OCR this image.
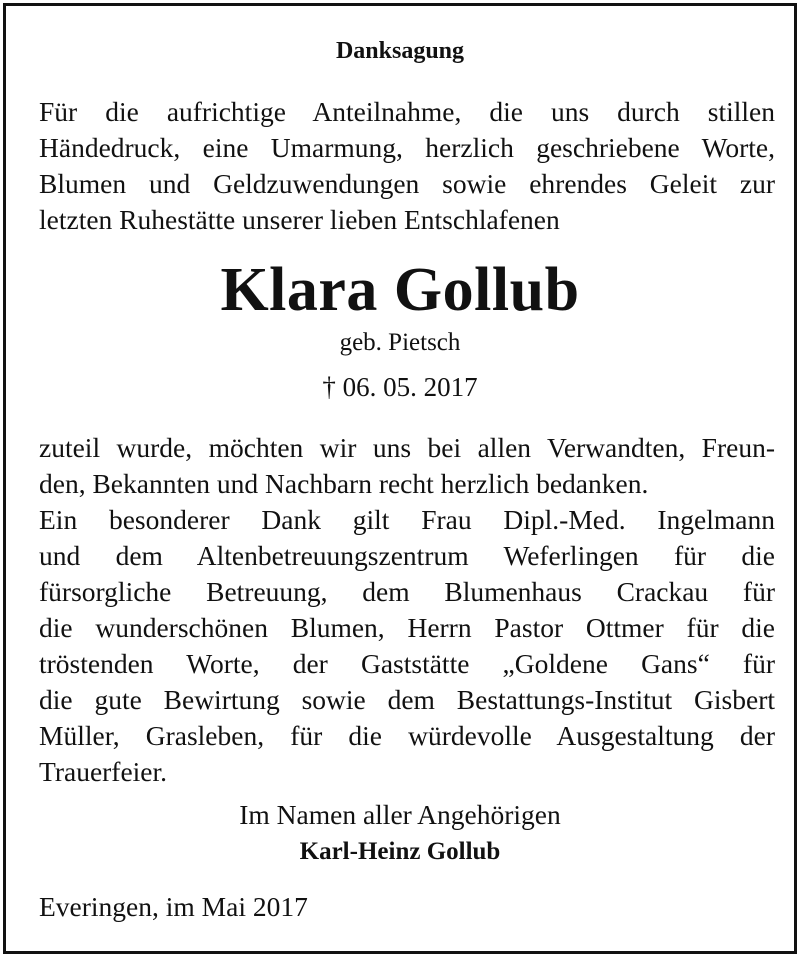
Danksagung
Für die aufrichtige Anteilnahme, die uns durch stillen
Händedruck, eine Umarmung, herzlich geschriebene Worte,
Blumen und Geldzuwendungen sowie ehrendes Geleit zur
letzten Ruhestätte unserer lieben Entschlafenen
Klara Gollub
geb. Pietsch
† 06. 05. 2017
zuteil wurde, möchten wir uns bei allen Verwandten, Freun-
den, Bekannten und Nachbarn recht herzlich bedanken.
Ein besonderer Dank gilt Frau Dipl.-Med. Ingelmann
und dem Altenbetreuungszentrum Weferlingen für die
fürsorgliche Betreuung, dem Blumenhaus Crackau für
die wunderschönen Blumen, Herrn Pastor Ottmer für die
tröstenden Worte, der Gaststätte „Goldene Gans“ für
die gute Bewirtung sowie dem Bestattungs-Institut Gisbert
Müller, Grasleben, für die würdevolle Ausgestaltung der
Trauerfeier.
Im Namen aller Angehörigen
Karl-Heinz Gollub
Everingen, im Mai 2017
